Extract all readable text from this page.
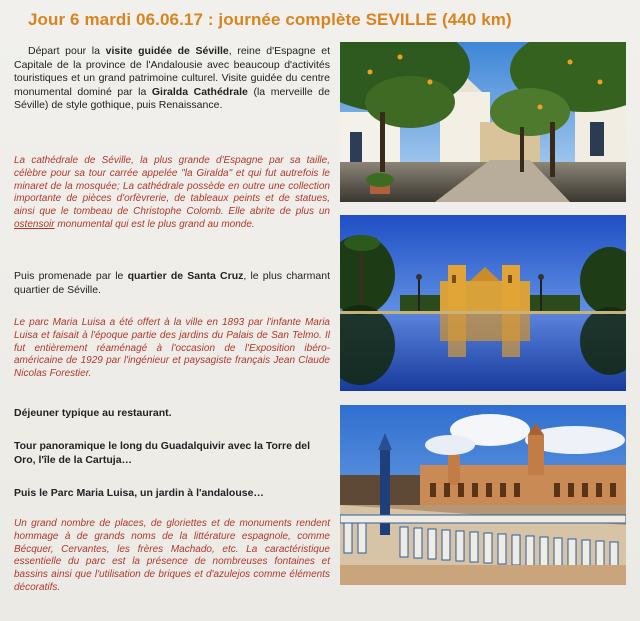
Jour 6 mardi 06.06.17 : journée complète SEVILLE (440 km)

Départ pour la visite guidée de Séville, reine d'Espagne et Capitale de la province de l'Andalousie avec beaucoup d'activités touristiques et un grand patrimoine culturel. Visite guidée du centre monumental dominé par la Giralda Cathédrale (la merveille de Séville) de style gothique, puis Renaissance.

La cathédrale de Séville, la plus grande d'Espagne par sa taille, célèbre pour sa tour carrée appelée "la Giralda" et qui fut autrefois le minaret de la mosquée; La cathédrale possède en outre une collection importante de pièces d'orfèvrerie, de tableaux peints et de statues, ainsi que le tombeau de Christophe Colomb. Elle abrite de plus un ostensoir monumental qui est le plus grand au monde.

Puis promenade par le quartier de Santa Cruz, le plus charmant quartier de Séville.

Le parc Maria Luisa a été offert à la ville en 1893 par l'infante Maria Luisa et faisait à l'époque partie des jardins du Palais de San Telmo. Il fut entièrement réaménagé à l'occasion de l'Exposition ibéro-américaine de 1929 par l'ingénieur et paysagiste français Jean Claude Nicolas Forestier.

Déjeuner typique au restaurant.

Tour panoramique le long du Guadalquivir avec la Torre del Oro, l'île de la Cartuja…

Puis le Parc Maria Luisa, un jardin à l'andalouse…

Un grand nombre de places, de gloriettes et de monuments rendent hommage à de grands noms de la littérature espagnole, comme Bécquer, Cervantes, les frères Machado, etc. La caractéristique essentielle du parc est la présence de nombreuses fontaines et bassins ainsi que l'utilisation de briques et d'azulejos comme éléments décoratifs.
